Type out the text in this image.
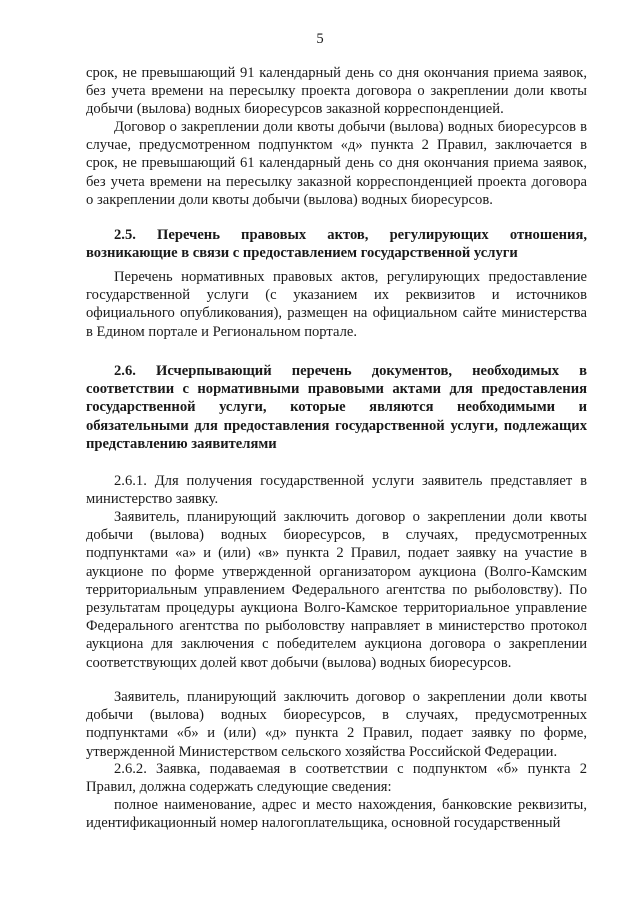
5

срок, не превышающий 91 календарный день со дня окончания приема заявок, без учета времени на пересылку проекта договора о закреплении доли квоты добычи (вылова) водных биоресурсов заказной корреспонденцией.

Договор о закреплении доли квоты добычи (вылова) водных биоресурсов в случае, предусмотренном подпунктом «д» пункта 2 Правил, заключается в срок, не превышающий 61 календарный день со дня окончания приема заявок, без учета времени на пересылку заказной корреспонденцией проекта договора о закреплении доли квоты добычи (вылова) водных биоресурсов.

2.5. Перечень правовых актов, регулирующих отношения, возникающие в связи с предоставлением государственной услуги

Перечень нормативных правовых актов, регулирующих предоставление государственной услуги (с указанием их реквизитов и источников официального опубликования), размещен на официальном сайте министерства в Едином портале и Региональном портале.

2.6. Исчерпывающий перечень документов, необходимых в соответствии с нормативными правовыми актами для предоставления государственной услуги, которые являются необходимыми и обязательными для предоставления государственной услуги, подлежащих представлению заявителями

2.6.1. Для получения государственной услуги заявитель представляет в министерство заявку.

Заявитель, планирующий заключить договор о закреплении доли квоты добычи (вылова) водных биоресурсов, в случаях, предусмотренных подпунктами «а» и (или) «в» пункта 2 Правил, подает заявку на участие в аукционе по форме утвержденной организатором аукциона (Волго-Камским территориальным управлением Федерального агентства по рыболовству). По результатам процедуры аукциона Волго-Камское территориальное управление Федерального агентства по рыболовству направляет в министерство протокол аукциона для заключения с победителем аукциона договора о закреплении соответствующих долей квот добычи (вылова) водных биоресурсов.

Заявитель, планирующий заключить договор о закреплении доли квоты добычи (вылова) водных биоресурсов, в случаях, предусмотренных подпунктами «б» и (или) «д» пункта 2 Правил, подает заявку по форме, утвержденной Министерством сельского хозяйства Российской Федерации.

2.6.2. Заявка, подаваемая в соответствии с подпунктом «б» пункта 2 Правил, должна содержать следующие сведения:

полное наименование, адрес и место нахождения, банковские реквизиты, идентификационный номер налогоплательщика, основной государственный
